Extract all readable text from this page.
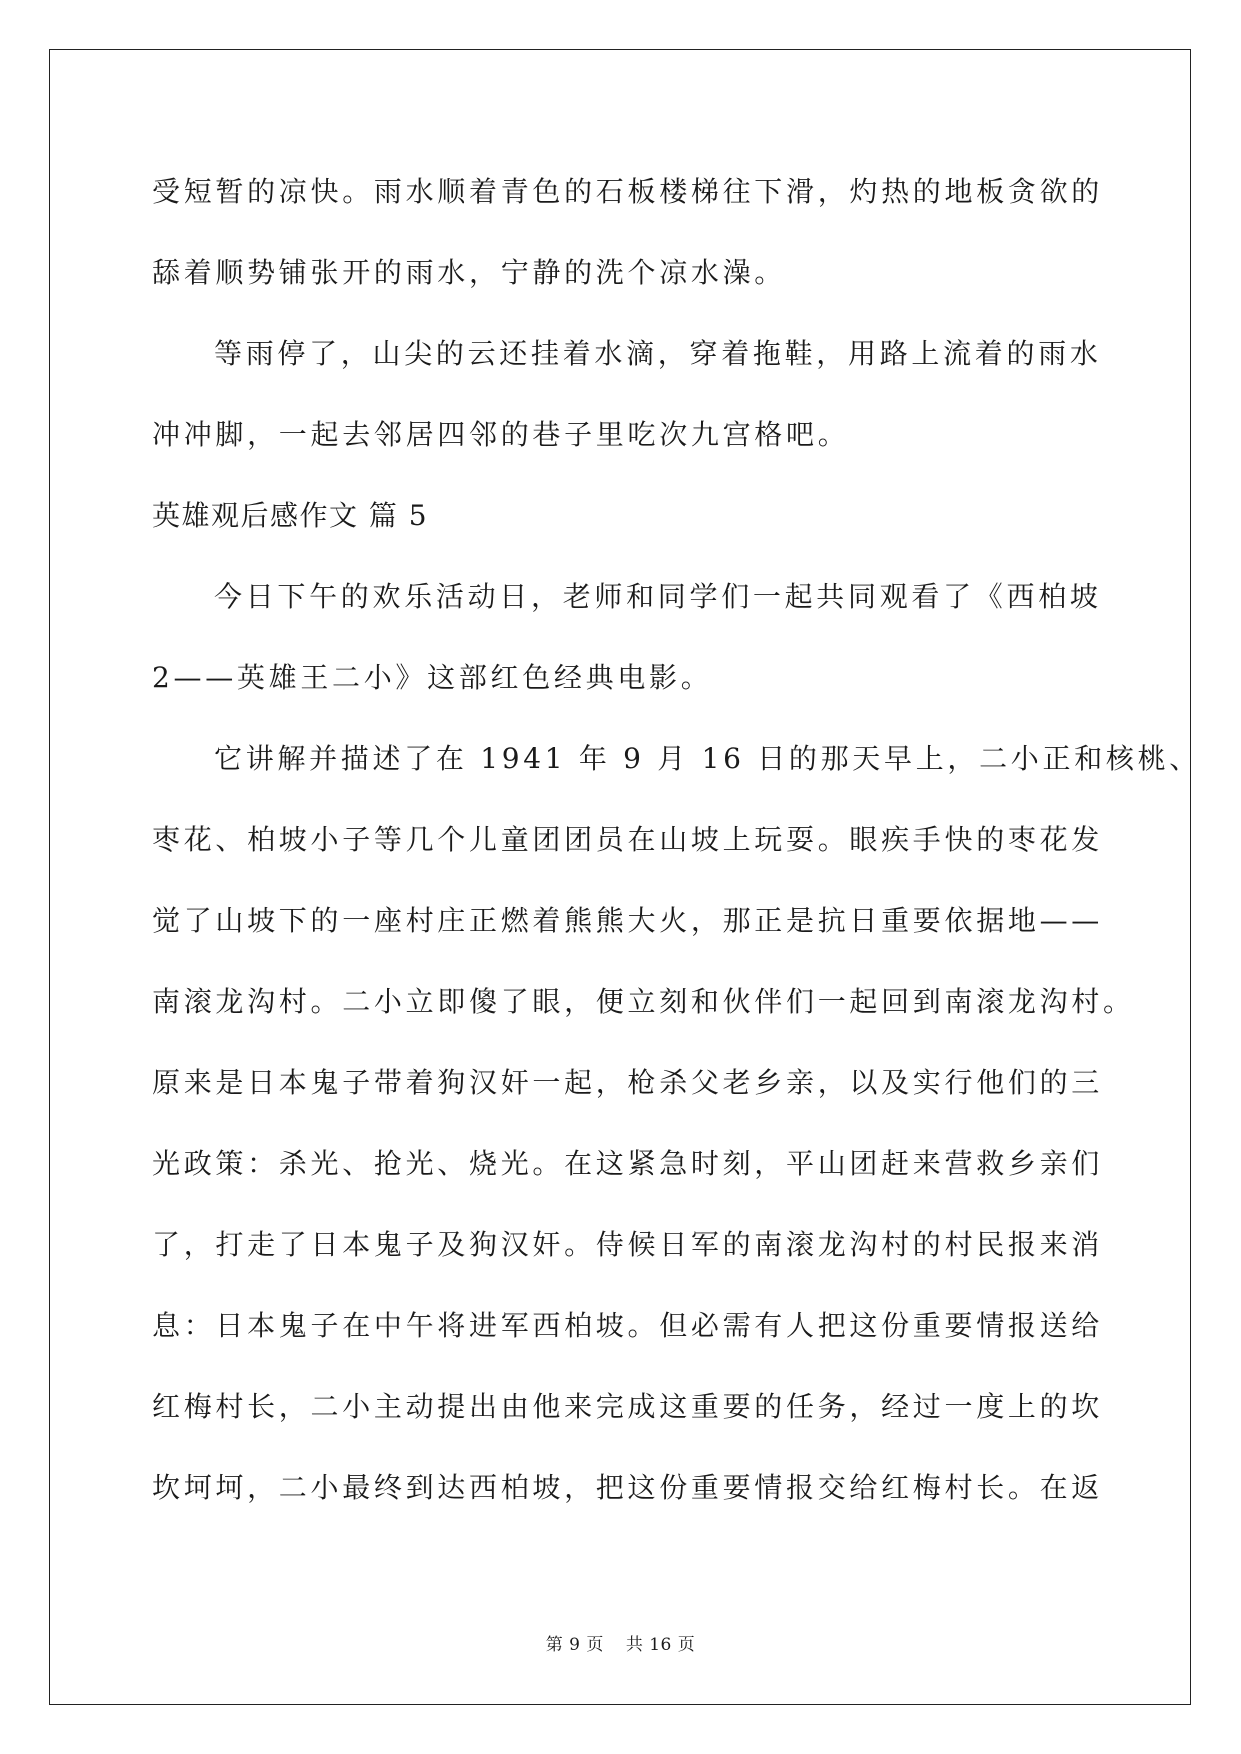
受短暂的凉快。雨水顺着青色的石板楼梯往下滑，灼热的地板贪欲的
舔着顺势铺张开的雨水，宁静的洗个凉水澡。
等雨停了，山尖的云还挂着水滴，穿着拖鞋，用路上流着的雨水
冲冲脚，一起去邻居四邻的巷子里吃次九宫格吧。
英雄观后感作文 篇 5
今日下午的欢乐活动日，老师和同学们一起共同观看了《西柏坡
2——英雄王二小》这部红色经典电影。
它讲解并描述了在 1941 年 9 月 16 日的那天早上，二小正和核桃、
枣花、柏坡小子等几个儿童团团员在山坡上玩耍。眼疾手快的枣花发
觉了山坡下的一座村庄正燃着熊熊大火，那正是抗日重要依据地——
南滚龙沟村。二小立即傻了眼，便立刻和伙伴们一起回到南滚龙沟村。
原来是日本鬼子带着狗汉奸一起，枪杀父老乡亲，以及实行他们的三
光政策：杀光、抢光、烧光。在这紧急时刻，平山团赶来营救乡亲们
了，打走了日本鬼子及狗汉奸。侍候日军的南滚龙沟村的村民报来消
息：日本鬼子在中午将进军西柏坡。但必需有人把这份重要情报送给
红梅村长，二小主动提出由他来完成这重要的任务，经过一度上的坎
坎坷坷，二小最终到达西柏坡，把这份重要情报交给红梅村长。在返
第 9 页 共 16 页
